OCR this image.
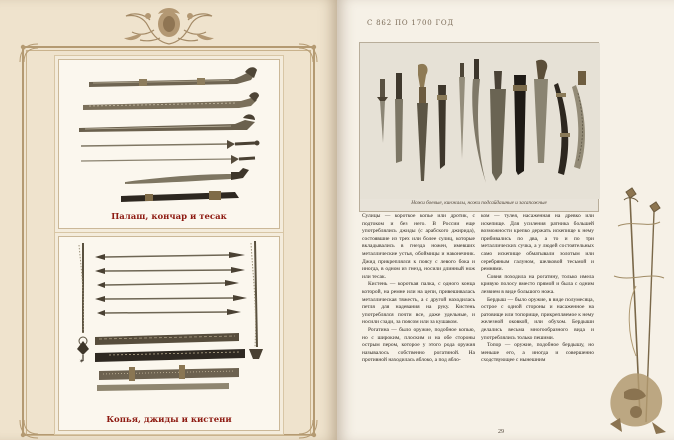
Палаш, кончар и тесак
✶
Копья, джиды и кистени
С 862 ПО 1700 ГОД
Ножи боевые, кинжалы, ножи подсайдашные и засапожные

Сулицы — короткое копье или дротик, с подтоком и без него. В России еще употреблялись джиды (с арабского джирида), состоявшие из трех или более сулиц, которые вкладывались в гнезда ножен, имевших металлические устья, обоймицы и наконечник. Джид прикреплялся к поясу с левого бока и иногда, в одном из гнезд, носили длинный нож или тесак.

Кистень — короткая палка, с одного конца которой, на ремне или на цепи, привешивалась металлическая тяжесть, а с другой находилась петля для надевания на руку. Кистень употреблялся почти все, даже удельные, и носили сзади, за поясом или за кушаком.

Рогатина — было оружие, подобное копью, но с широким, плоским и на обе стороны острым пером, которое у этого рода оружия называлось собственно рогатиной. На противной находилась яблоко, а под ябло-

ком — тулея, насаженная на древко или искепище. Для усиления ратника большей возможности крепко держать искепище к нему прибивались по два, а то и по три металлических сучка, а у людей состоятельных само искепище обматывали золотым или серебряным галуном, шелковой тесьмой и ремнями.

Совня походила на рогатину, только имела кривую полосу вместо прямой и была с одним лезвием в виде большого ножа.

Бердыш — было оружие, в виде полумесяца, острое с одной стороны и насаженное на ратовище или топорище, прикрепляемое к нему железной оковкой, или обухом. Бердыши делались весьма многообразного вида и употреблялись только пешими.

Топор — оружие, подобное бердышу, но меньше его, а иногда и совершенно сходствующее с нынешним

29
